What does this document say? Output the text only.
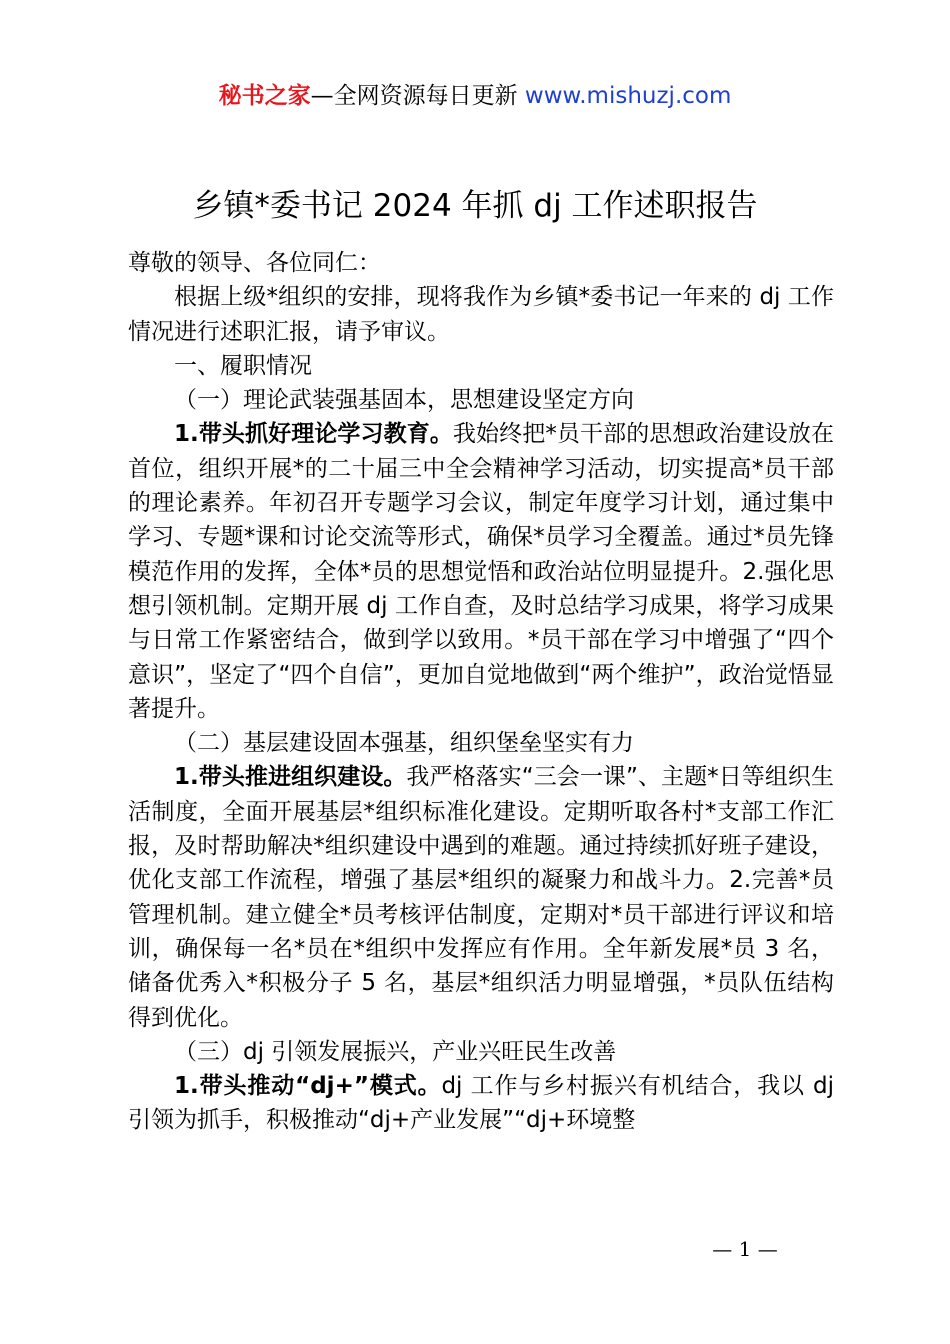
秘书之家—全网资源每日更新 www.mishuzj.com
乡镇*委书记 2024 年抓 dj 工作述职报告

尊敬的领导、各位同仁：

根据上级*组织的安排，现将我作为乡镇*委书记一年来的 dj 工作情况进行述职汇报，请予审议。

一、履职情况

（一）理论武装强基固本，思想建设坚定方向

1.带头抓好理论学习教育。我始终把*员干部的思想政治建设放在首位，组织开展*的二十届三中全会精神学习活动，切实提高*员干部的理论素养。年初召开专题学习会议，制定年度学习计划，通过集中学习、专题*课和讨论交流等形式，确保*员学习全覆盖。通过*员先锋模范作用的发挥，全体*员的思想觉悟和政治站位明显提升。2.强化思想引领机制。定期开展 dj 工作自查，及时总结学习成果，将学习成果与日常工作紧密结合，做到学以致用。*员干部在学习中增强了“四个意识”，坚定了“四个自信”，更加自觉地做到“两个维护”，政治觉悟显著提升。

（二）基层建设固本强基，组织堡垒坚实有力

1.带头推进组织建设。我严格落实“三会一课”、主题*日等组织生活制度，全面开展基层*组织标准化建设。定期听取各村*支部工作汇报，及时帮助解决*组织建设中遇到的难题。通过持续抓好班子建设，优化支部工作流程，增强了基层*组织的凝聚力和战斗力。2.完善*员管理机制。建立健全*员考核评估制度，定期对*员干部进行评议和培训，确保每一名*员在*组织中发挥应有作用。全年新发展*员 3 名，储备优秀入*积极分子 5 名，基层*组织活力明显增强，*员队伍结构得到优化。

（三）dj 引领发展振兴，产业兴旺民生改善

1.带头推动“dj+”模式。dj 工作与乡村振兴有机结合，我以 dj 引领为抓手，积极推动“dj+产业发展”“dj+环境整

— 1 —
